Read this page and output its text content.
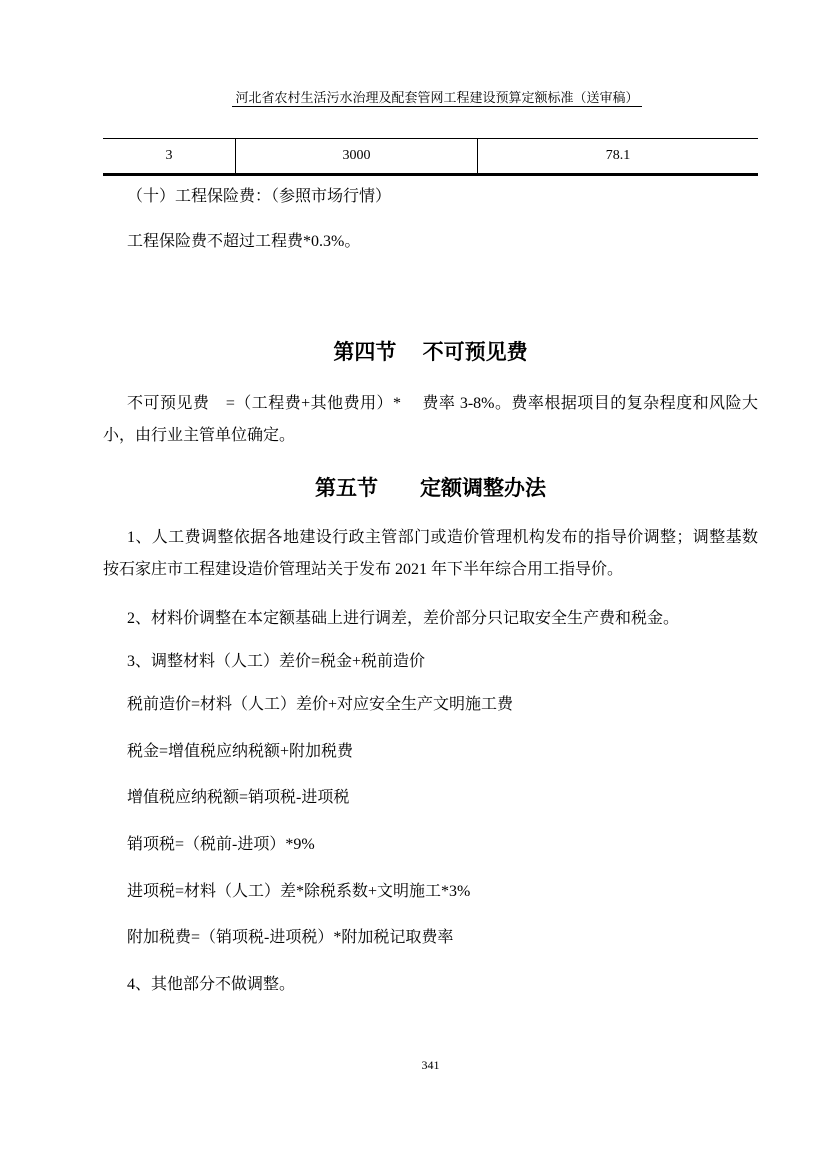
河北省农村生活污水治理及配套管网工程建设预算定额标准（送审稿）

3	3000	78.1
（十）工程保险费：（参照市场行情）
工程保险费不超过工程费*0.3%。
第四节　 不可预见费
不可预见费　=（工程费+其他费用）*　 费率 3-8%。费率根据项目的复杂程度和风险大小，由行业主管单位确定。
第五节　　定额调整办法
1、人工费调整依据各地建设行政主管部门或造价管理机构发布的指导价调整；调整基数按石家庄市工程建设造价管理站关于发布 2021 年下半年综合用工指导价。
2、材料价调整在本定额基础上进行调差，差价部分只记取安全生产费和税金。
3、调整材料（人工）差价=税金+税前造价
税前造价=材料（人工）差价+对应安全生产文明施工费
税金=增值税应纳税额+附加税费
增值税应纳税额=销项税-进项税
销项税=（税前-进项）*9%
进项税=材料（人工）差*除税系数+文明施工*3%
附加税费=（销项税-进项税）*附加税记取费率
4、其他部分不做调整。
341
